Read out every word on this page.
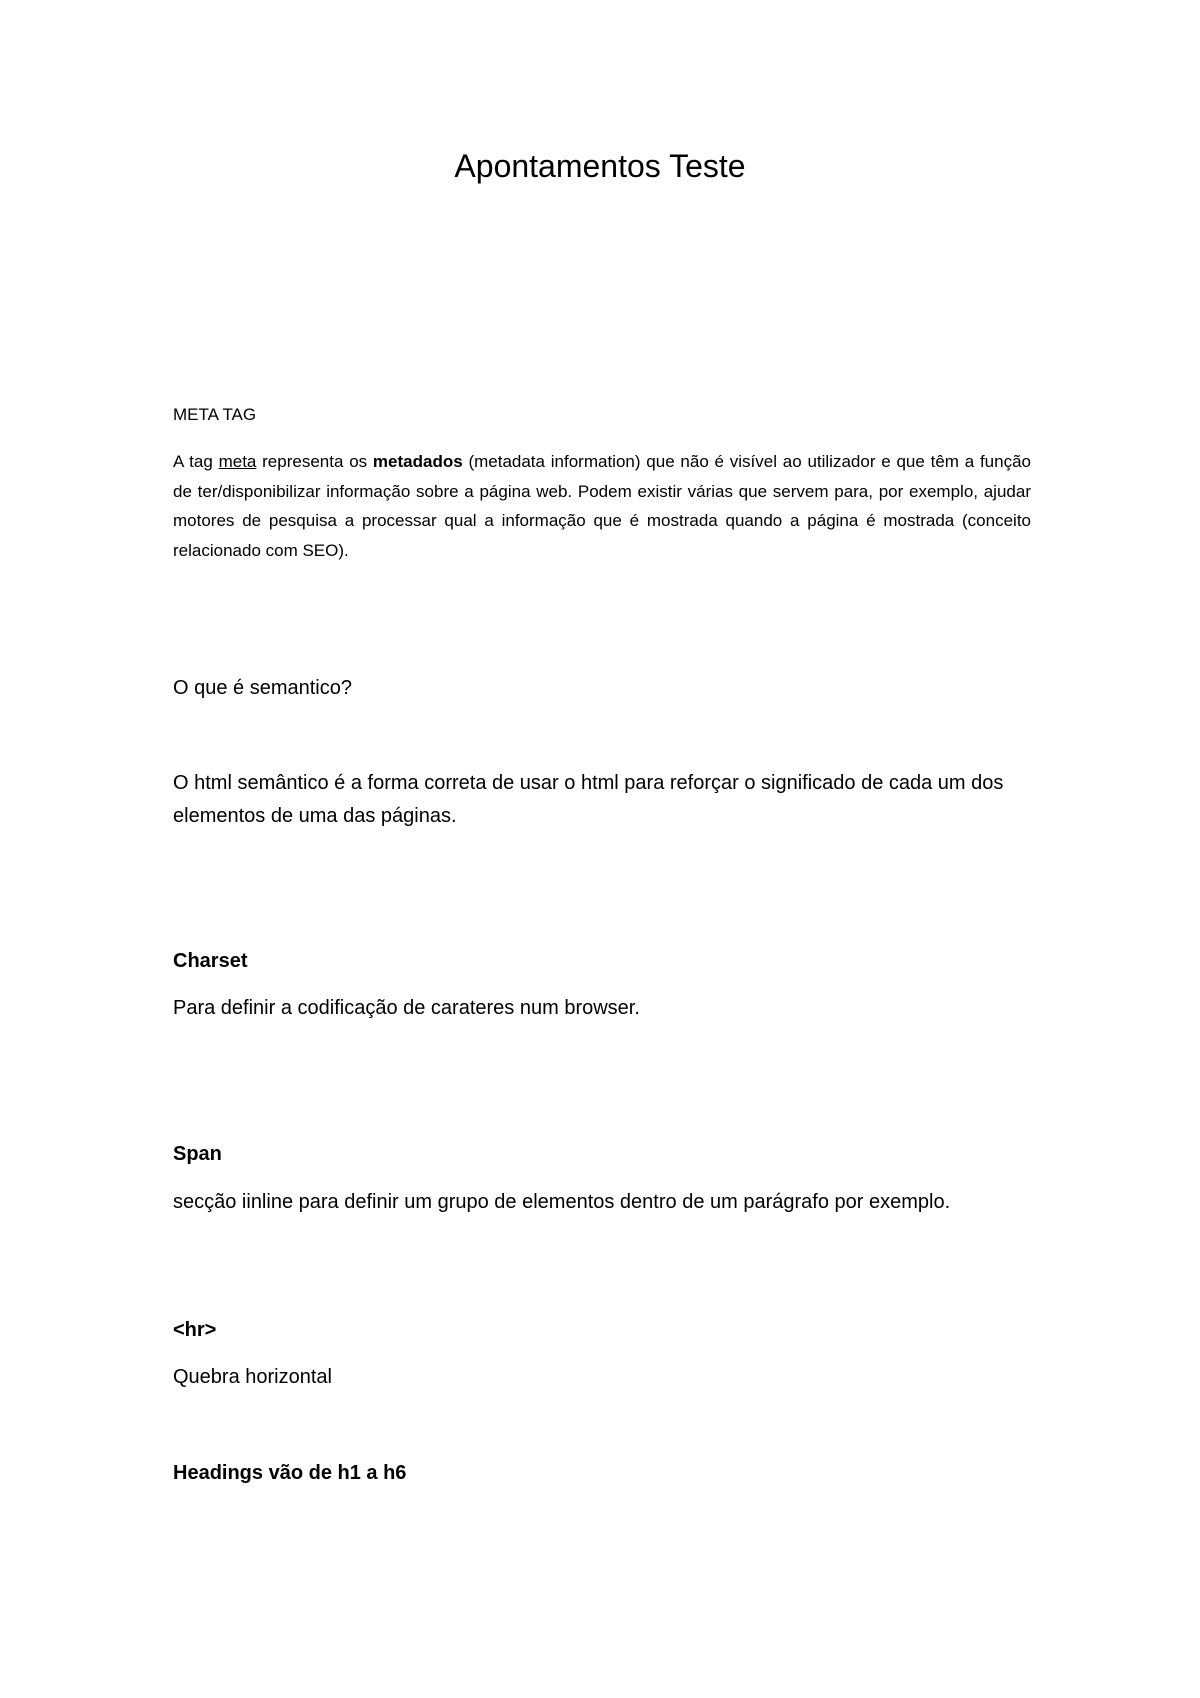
Apontamentos Teste
META TAG

A tag meta representa os metadados (metadata information) que não é visível ao utilizador e que têm a função de ter/disponibilizar informação sobre a página web. Podem existir várias que servem para, por exemplo, ajudar motores de pesquisa a processar qual a informação que é mostrada quando a página é mostrada (conceito relacionado com SEO).

O que é semantico?

O html semântico é a forma correta de usar o html para reforçar o significado de cada um dos elementos de uma das páginas.

Charset
Para definir a codificação de carateres num browser.
Span

secção iinline para definir um grupo de elementos dentro de um parágrafo por exemplo.

<hr>
Quebra horizontal
Headings vão de h1 a h6
